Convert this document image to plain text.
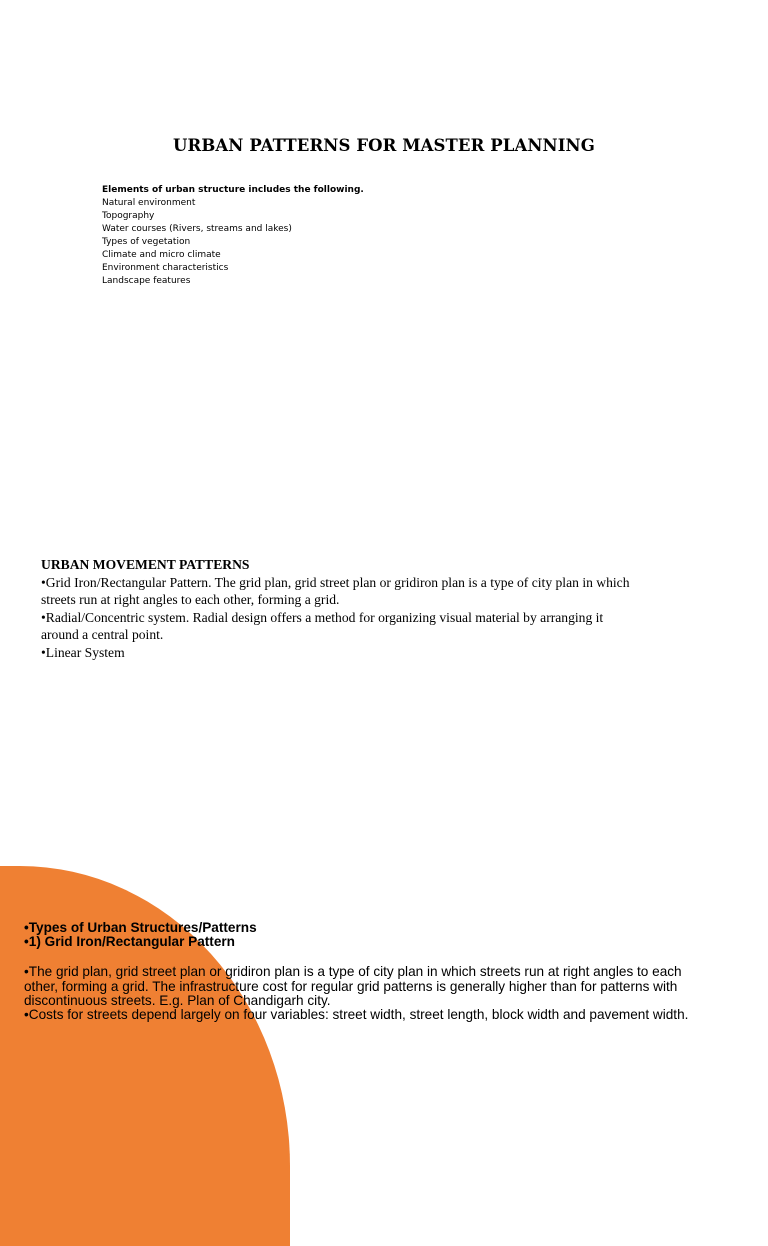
URBAN PATTERNS FOR MASTER PLANNING
Elements of urban structure includes the following.
Natural environment
Topography
Water courses (Rivers, streams and lakes)
Types of vegetation
Climate and micro climate
Environment characteristics
Landscape features
URBAN MOVEMENT PATTERNS
•Grid Iron/Rectangular Pattern. The grid plan, grid street plan or gridiron plan is a type of city plan in which
streets run at right angles to each other, forming a grid.
•Radial/Concentric system. Radial design offers a method for organizing visual material by arranging it
around a central point.
•Linear System
•Types of Urban Structures/Patterns
•1) Grid Iron/Rectangular Pattern
•The grid plan, grid street plan or gridiron plan is a type of city plan in which streets run at right angles to each
other, forming a grid. The infrastructure cost for regular grid patterns is generally higher than for patterns with
discontinuous streets. E.g. Plan of Chandigarh city.
•Costs for streets depend largely on four variables: street width, street length, block width and pavement width.
